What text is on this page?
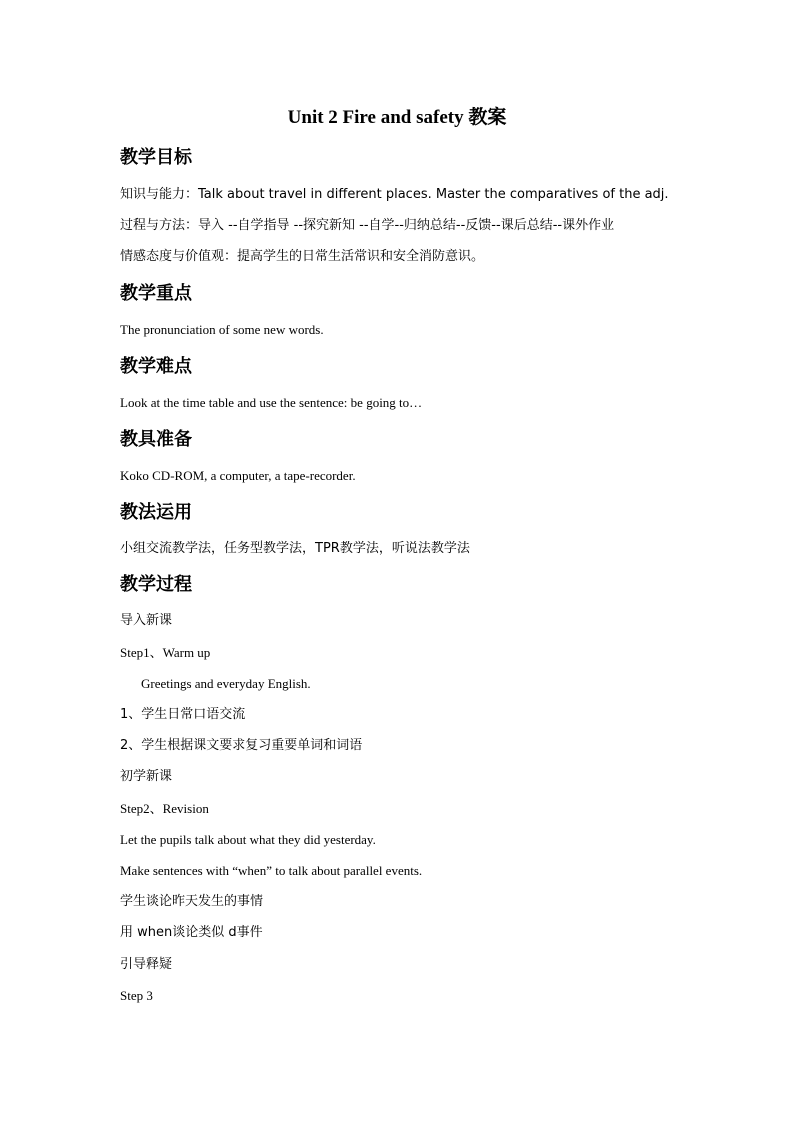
Unit 2 Fire and safety 教案
教学目标
知识与能力：Talk about travel in different places. Master the comparatives of the adj.
过程与方法：导入 --自学指导 --探究新知 --自学--归纳总结--反馈--课后总结--课外作业
情感态度与价值观：提高学生的日常生活常识和安全消防意识。
教学重点
The pronunciation of some new words.
教学难点
Look at the time table and use the sentence: be going to…
教具准备
Koko CD-ROM, a computer, a tape-recorder.
教法运用
小组交流教学法，任务型教学法，TPR教学法，听说法教学法
教学过程
导入新课
Step1、Warm up
Greetings and everyday English.
1、学生日常口语交流
2、学生根据课文要求复习重要单词和词语
初学新课
Step2、Revision
Let the pupils talk about what they did yesterday.
Make sentences with “when” to talk about parallel events.
学生谈论昨天发生的事情
用 when谈论类似 d事件
引导释疑
Step 3
